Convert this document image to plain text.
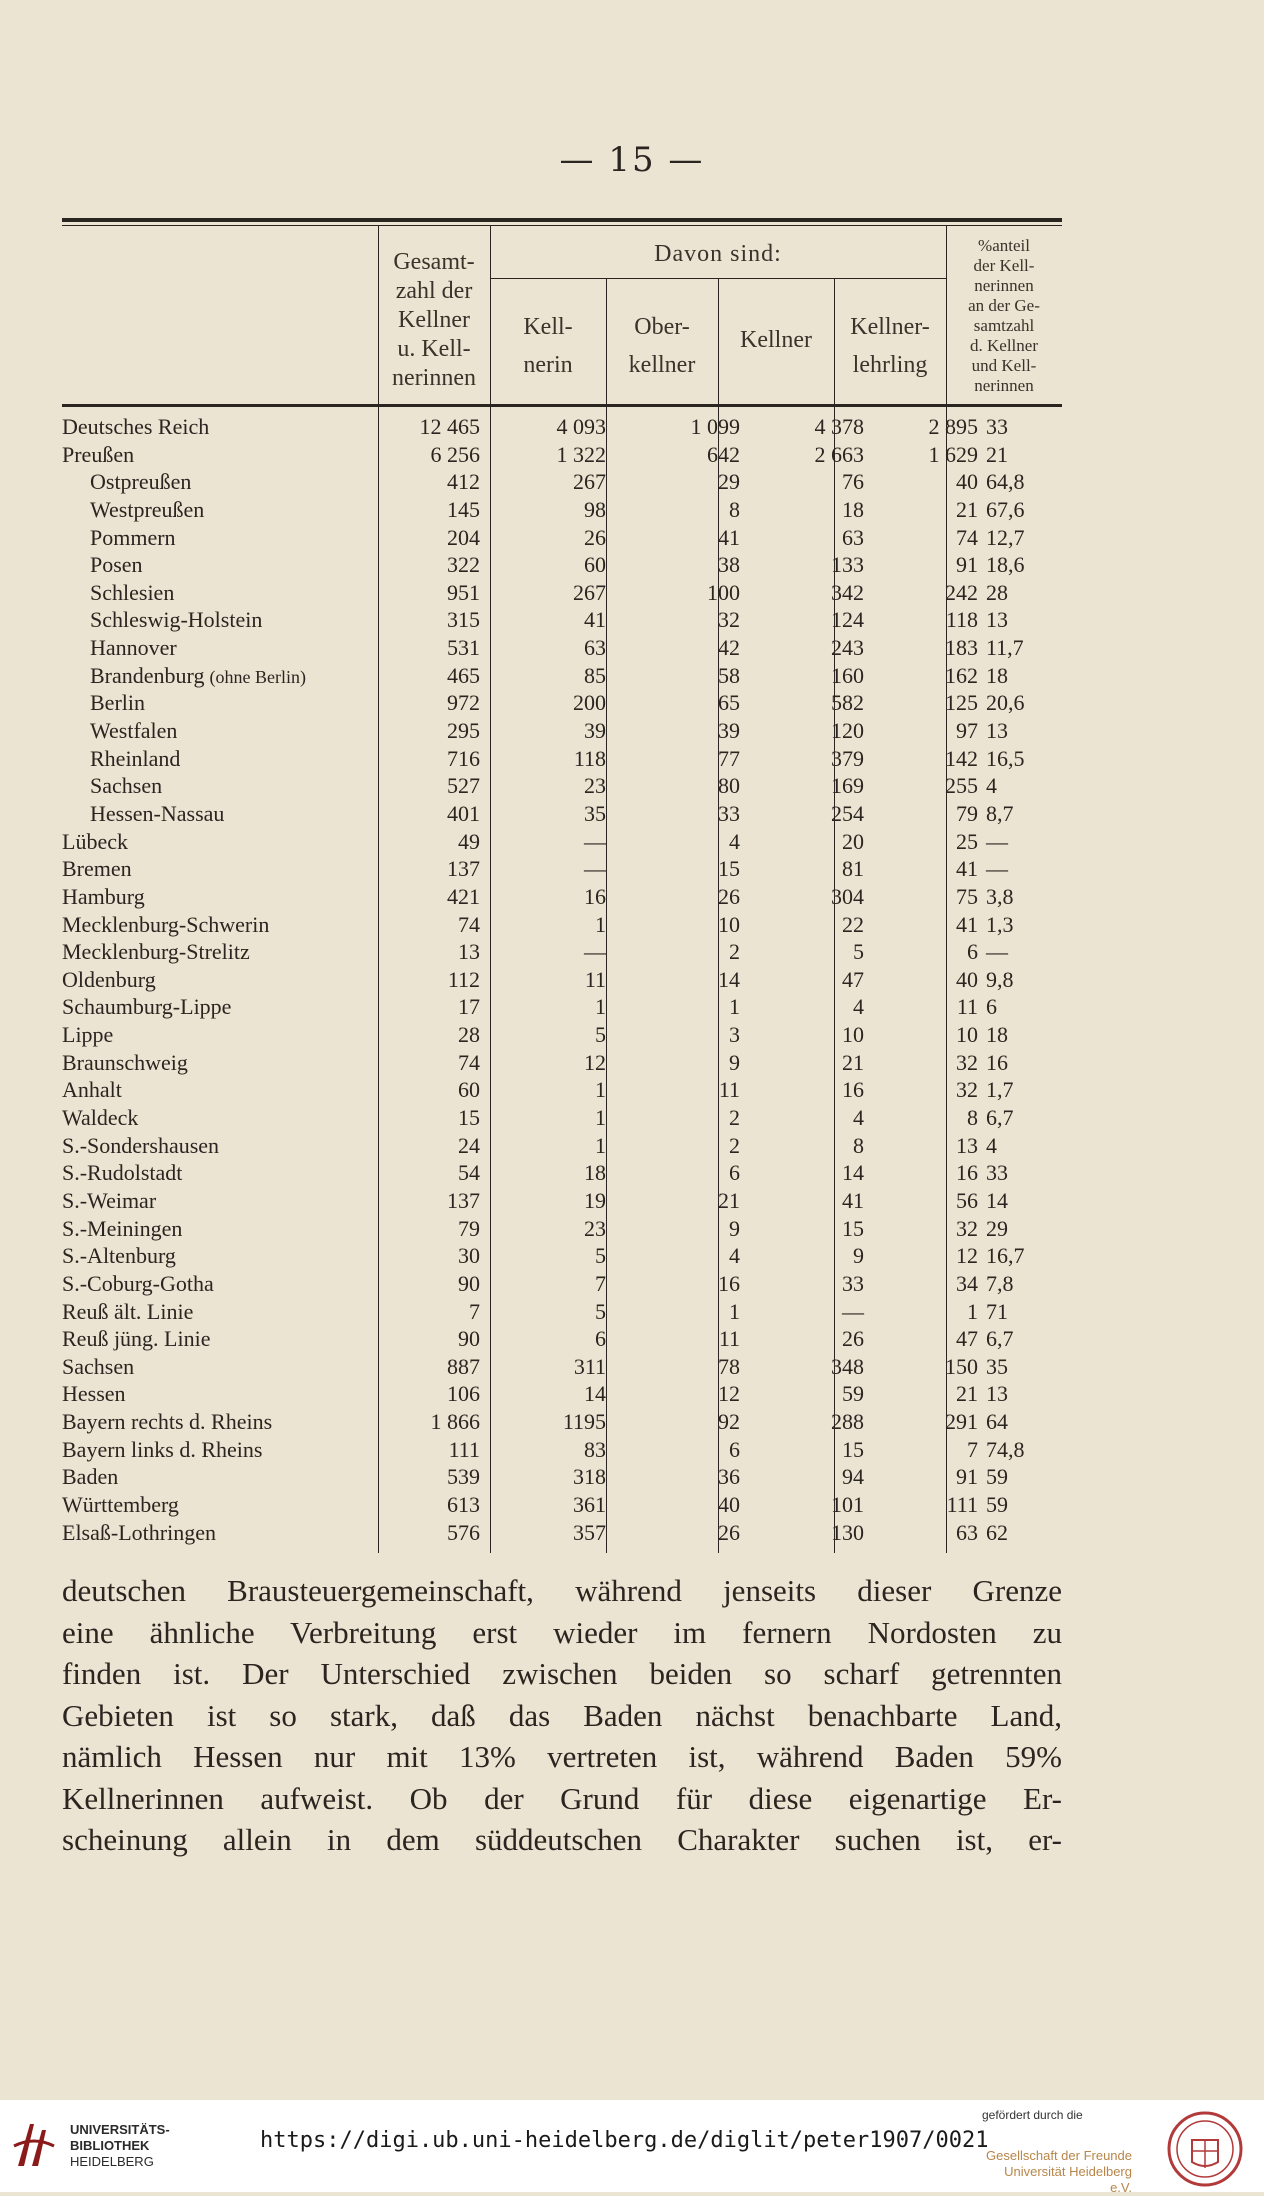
— 15 —
Gesamt-
zahl der
Kellner
u. Kell-
nerinnen
Davon sind:
Kell-
nerin
Ober-
kellner
Kellner	Kellner-
lehrling
%anteil
der Kell-
nerinnen
an der Ge-
samtzahl
d. Kellner
und Kell-
nerinnen
Deutsches Reich	12 465	4 093	1 099	4 378	2 895 33
Preußen	6 256	1 322	642	2 663	1 629 21
Ostpreußen	412	267	29	76	40 64,8
Westpreußen	145	98	8	18	21 67,6
Pommern	204	26	41	63	74 12,7
Posen	322	60	38	133	91 18,6
Schlesien	951	267	100	342	242 28
Schleswig-Holstein	315	41	32	124	118 13
Hannover	531	63	42	243	183 11,7
Brandenburg (ohne Berlin)	465	85	58	160	162 18
Berlin	972	200	65	582	125 20,6
Westfalen	295	39	39	120	97 13
Rheinland	716	118	77	379	142 16,5
Sachsen	527	23	80	169	255 4
Hessen-Nassau	401	35	33	254	79 8,7
Lübeck	49	—	4	20	25 —
Bremen	137	—	15	81	41 —
Hamburg	421	16	26	304	75 3,8
Mecklenburg-Schwerin	74	1	10	22	41 1,3
Mecklenburg-Strelitz	13	—	2	5	6 —
Oldenburg	112	11	14	47	40 9,8
Schaumburg-Lippe	17	1	1	4	11 6
Lippe	28	5	3	10	10 18
Braunschweig	74	12	9	21	32 16
Anhalt	60	1	11	16	32 1,7
Waldeck	15	1	2	4	8 6,7
S.-Sondershausen	24	1	2	8	13 4
S.-Rudolstadt	54	18	6	14	16 33
S.-Weimar	137	19	21	41	56 14
S.-Meiningen	79	23	9	15	32 29
S.-Altenburg	30	5	4	9	12 16,7
S.-Coburg-Gotha	90	7	16	33	34 7,8
Reuß ält. Linie	7	5	1	—	1 71
Reuß jüng. Linie	90	6	11	26	47 6,7
Sachsen	887	311	78	348	150 35
Hessen	106	14	12	59	21 13
Bayern rechts d. Rheins	1 866	1195	92	288	291 64
Bayern links d. Rheins	111	83	6	15	7 74,8
Baden	539	318	36	94	91 59
Württemberg	613	361	40	101	111 59
Elsaß-Lothringen	576	357	26	130	63 62
deutschen Brausteuergemeinschaft, während jenseits dieser Grenze
eine ähnliche Verbreitung erst wieder im fernern Nordosten zu
finden ist. Der Unterschied zwischen beiden so scharf getrennten
Gebieten ist so stark, daß das Baden nächst benachbarte Land,
nämlich Hessen nur mit 13% vertreten ist, während Baden 59%
Kellnerinnen aufweist. Ob der Grund für diese eigenartige Er-
scheinung allein in dem süddeutschen Charakter suchen ist, er-
UNIVERSITÄTS-
BIBLIOTHEK
HEIDELBERG
https://digi.ub.uni-heidelberg.de/diglit/peter1907/0021
gefördert durch die
Gesellschaft der Freunde
Universität Heidelberg e.V.
